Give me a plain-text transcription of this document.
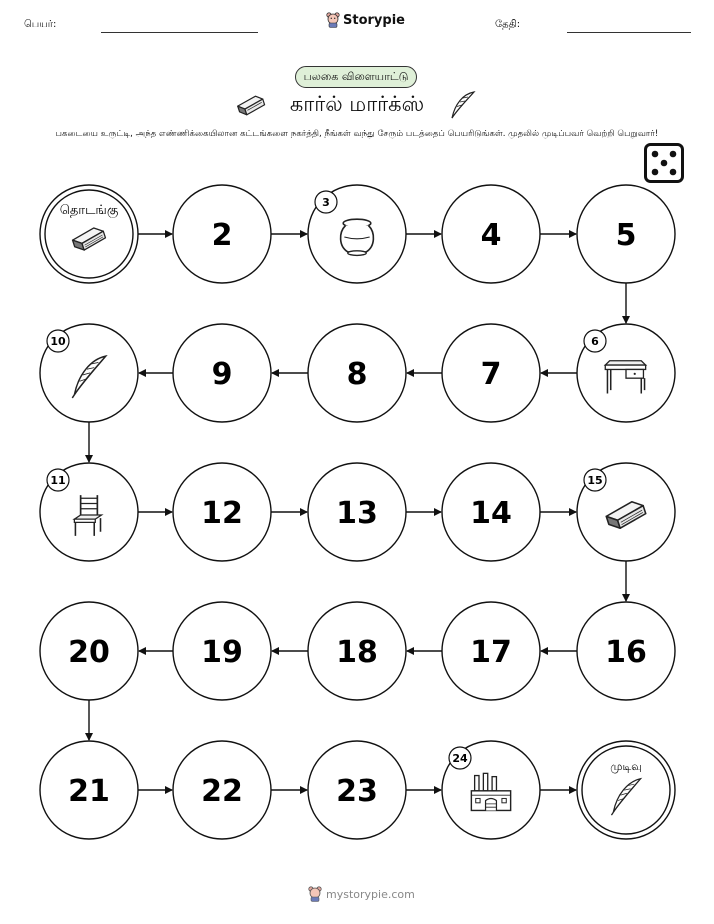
பெயர்:	Storypie	தேதி:
பலகை விளையாட்டு
கார்ல் மார்க்ஸ்
பகடையை உருட்டி, அந்த எண்ணிக்கையிலான கட்டங்களை நகர்த்தி, நீங்கள் வந்து சேரும் படத்தைப் பெயரிடுங்கள். முதலில் முடிப்பவர் வெற்றி பெறுவார்!
தொடங்கு
2
3
4	5
6
7
8
9
10
11
12	13	14
15
16
17
18
19
20
21	22	23
24
முடிவு
mystorypie.com
